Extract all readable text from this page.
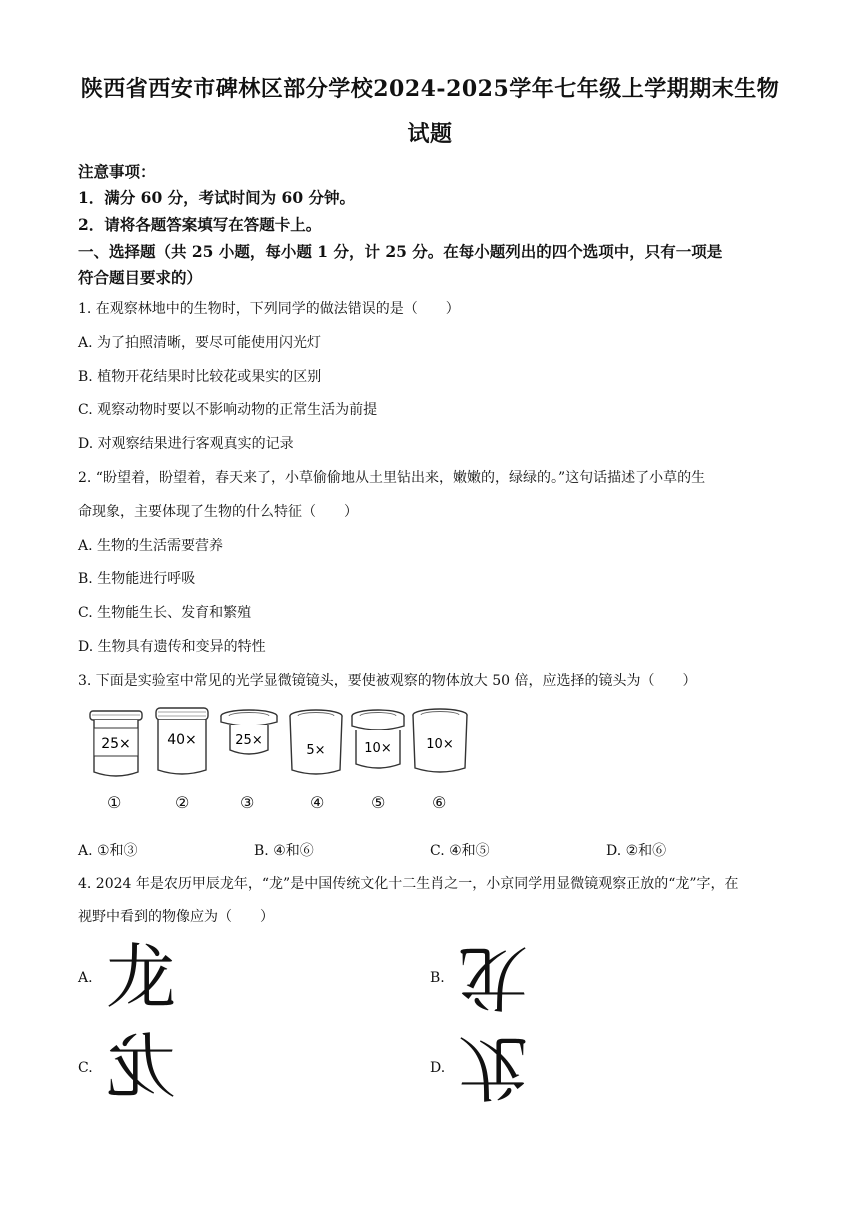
陕西省西安市碑林区部分学校2024-2025学年七年级上学期期末生物
试题
注意事项：
1．满分 60 分，考试时间为 60 分钟。
2．请将各题答案填写在答题卡上。
一、选择题（共 25 小题，每小题 1 分，计 25 分。在每小题列出的四个选项中，只有一项是
符合题目要求的）
1. 在观察林地中的生物时，下列同学的做法错误的是（　　）
A. 为了拍照清晰，要尽可能使用闪光灯
B. 植物开花结果时比较花或果实的区别
C. 观察动物时要以不影响动物的正常生活为前提
D. 对观察结果进行客观真实的记录
2. “盼望着，盼望着，春天来了，小草偷偷地从土里钻出来，嫩嫩的，绿绿的。”这句话描述了小草的生
命现象，主要体现了生物的什么特征（　　）
A. 生物的生活需要营养
B. 生物能进行呼吸
C. 生物能生长、发育和繁殖
D. 生物具有遗传和变异的特性
3. 下面是实验室中常见的光学显微镜镜头，要使被观察的物体放大 50 倍，应选择的镜头为（　　）
25×
①
40×
②
25×
③
5×
④
10×
⑤
10×
⑥
A. ①和③	B. ④和⑥	C. ④和⑤	D. ②和⑥
4. 2024 年是农历甲辰龙年，“龙”是中国传统文化十二生肖之一，小京同学用显微镜观察正放的“龙”字，在
视野中看到的物像应为（　　）
A. 龙	B. 龙
C. 龙	D. 龙
